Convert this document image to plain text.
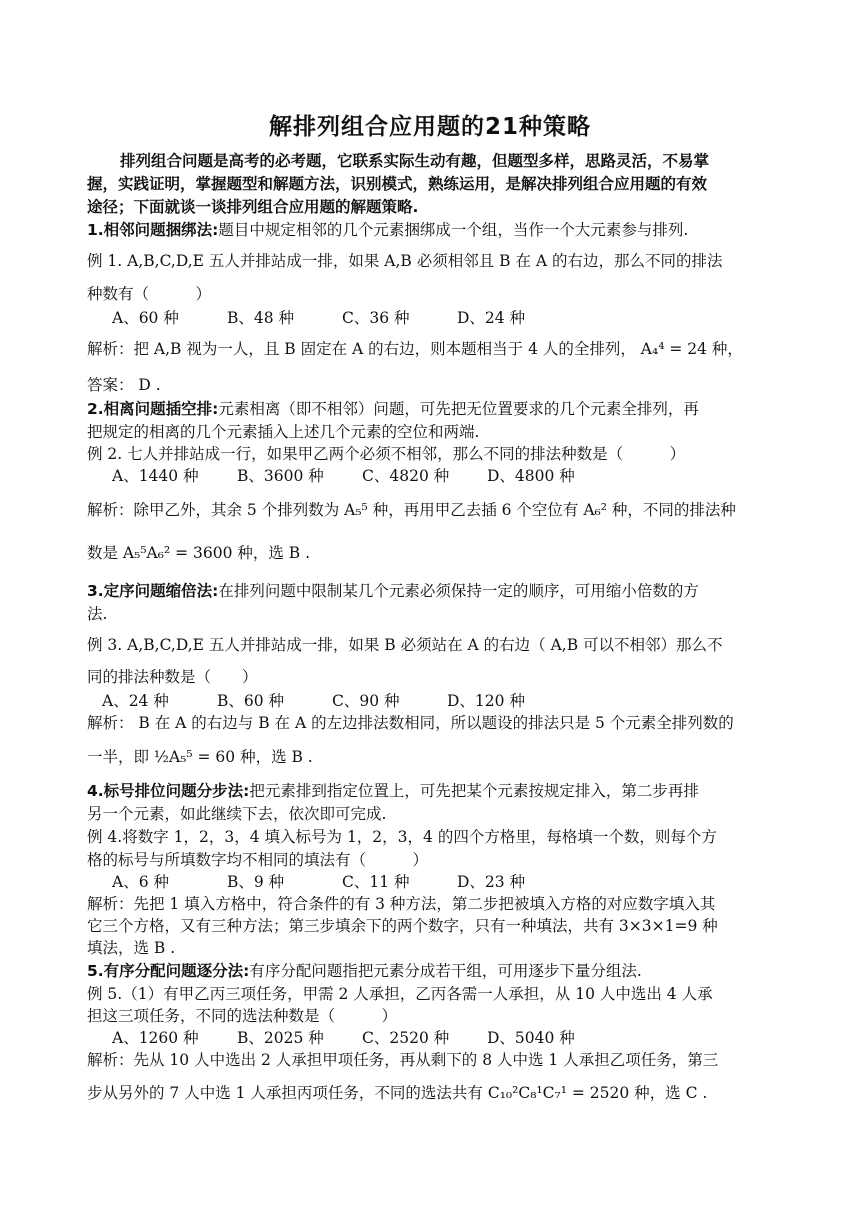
解排列组合应用题的21种策略
排列组合问题是高考的必考题，它联系实际生动有趣，但题型多样，思路灵活，不易掌
握，实践证明，掌握题型和解题方法，识别模式，熟练运用，是解决排列组合应用题的有效
途径；下面就谈一谈排列组合应用题的解题策略.
1.相邻问题捆绑法:题目中规定相邻的几个元素捆绑成一个组，当作一个大元素参与排列.
例 1. A,B,C,D,E 五人并排站成一排，如果 A,B 必须相邻且 B 在 A 的右边，那么不同的排法
种数有（　　　）
A、60 种	B、48 种	C、36 种	D、24 种
解析：把 A,B 视为一人，且 B 固定在 A 的右边，则本题相当于 4 人的全排列， A₄⁴ = 24 种，
答案： D .
2.相离问题插空排:元素相离（即不相邻）问题，可先把无位置要求的几个元素全排列，再
把规定的相离的几个元素插入上述几个元素的空位和两端.
例 2. 七人并排站成一行，如果甲乙两个必须不相邻，那么不同的排法种数是（　　　）
A、1440 种 B、3600 种 C、4820 种 D、4800 种
解析：除甲乙外，其余 5 个排列数为 A₅⁵ 种，再用甲乙去插 6 个空位有 A₆² 种，不同的排法种
数是 A₅⁵A₆² = 3600 种，选 B .
3.定序问题缩倍法:在排列问题中限制某几个元素必须保持一定的顺序，可用缩小倍数的方
法.
例 3. A,B,C,D,E 五人并排站成一排，如果 B 必须站在 A 的右边（ A,B 可以不相邻）那么不
同的排法种数是（　　）
A、24 种	B、60 种	C、90 种	D、120 种
解析： B 在 A 的右边与 B 在 A 的左边排法数相同，所以题设的排法只是 5 个元素全排列数的
一半，即 ½A₅⁵ = 60 种，选 B .
4.标号排位问题分步法:把元素排到指定位置上，可先把某个元素按规定排入，第二步再排
另一个元素，如此继续下去，依次即可完成.
例 4.将数字 1，2，3，4 填入标号为 1，2，3，4 的四个方格里，每格填一个数，则每个方
格的标号与所填数字均不相同的填法有（　　　）
A、6 种	B、9 种	C、11 种	D、23 种
解析：先把 1 填入方格中，符合条件的有 3 种方法，第二步把被填入方格的对应数字填入其
它三个方格，又有三种方法；第三步填余下的两个数字，只有一种填法，共有 3×3×1=9 种
填法，选 B .
5.有序分配问题逐分法:有序分配问题指把元素分成若干组，可用逐步下量分组法.
例 5.（1）有甲乙丙三项任务，甲需 2 人承担，乙丙各需一人承担，从 10 人中选出 4 人承
担这三项任务，不同的选法种数是（　　　）
A、1260 种 B、2025 种 C、2520 种 D、5040 种
解析：先从 10 人中选出 2 人承担甲项任务，再从剩下的 8 人中选 1 人承担乙项任务，第三
步从另外的 7 人中选 1 人承担丙项任务，不同的选法共有 C₁₀²C₈¹C₇¹ = 2520 种，选 C .
